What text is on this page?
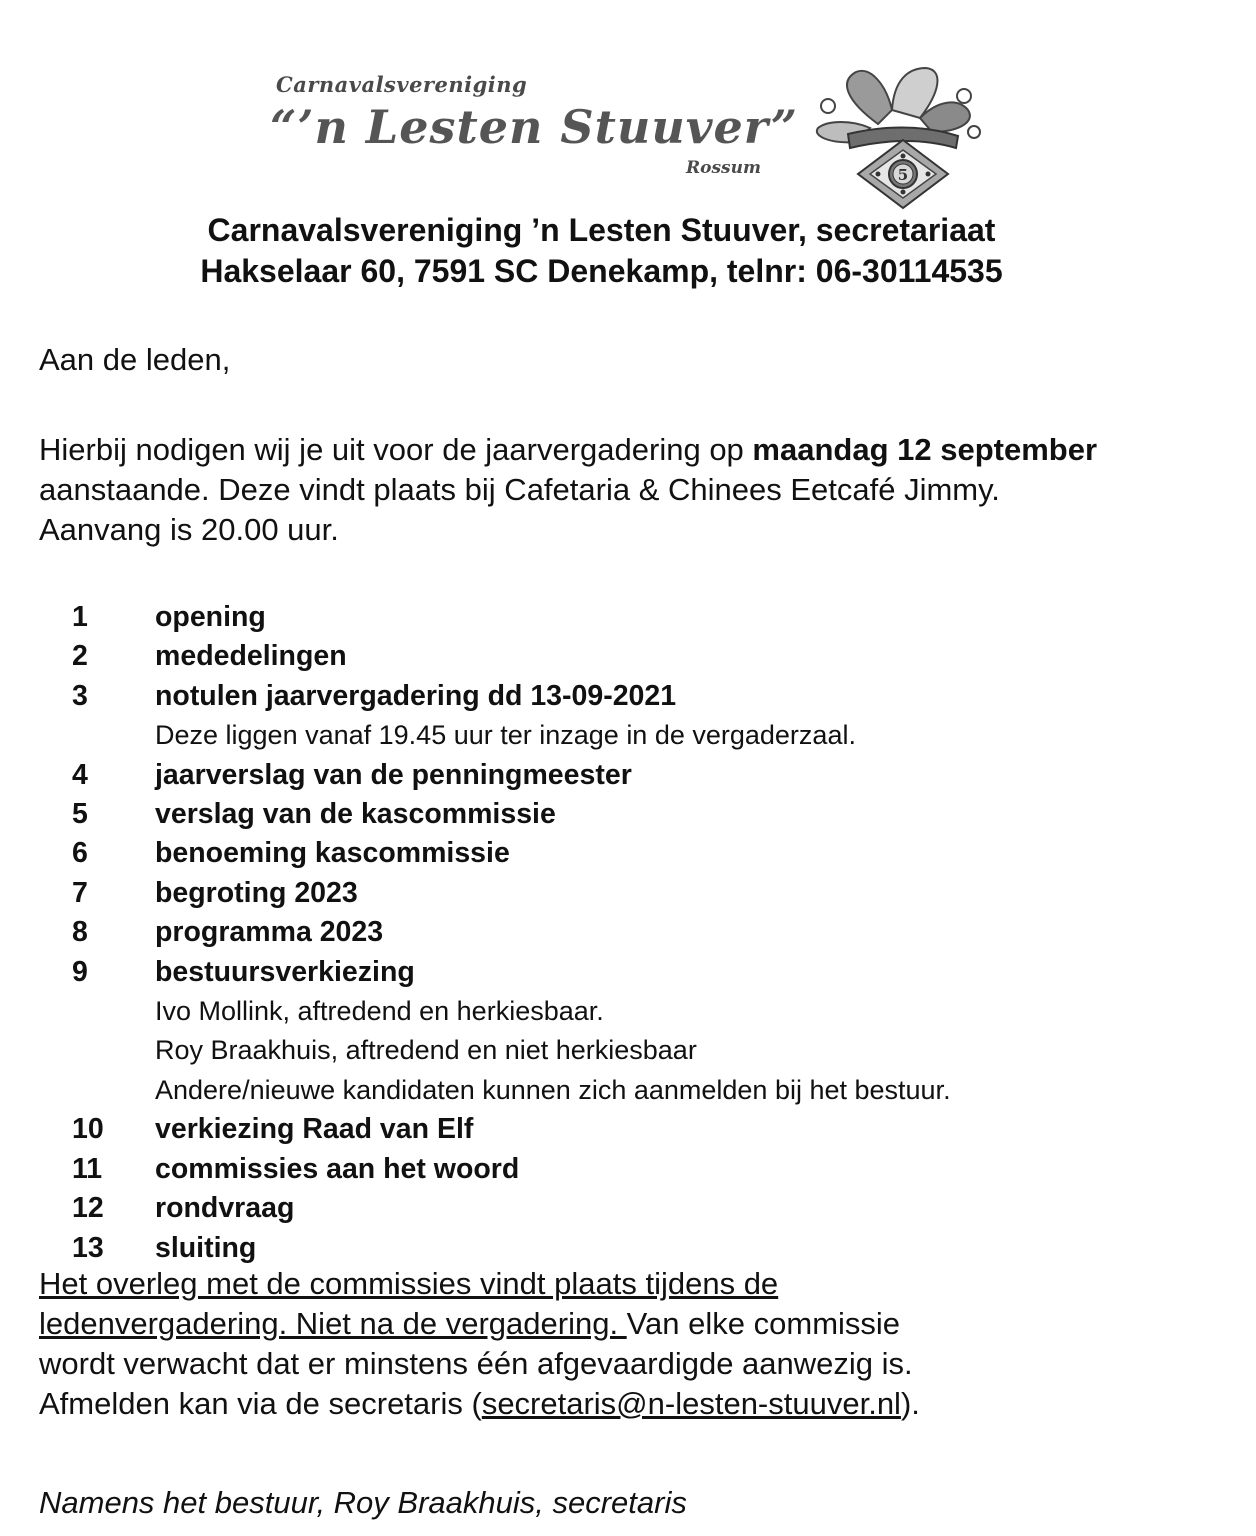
Carnavalsvereniging
“’n Lesten Stuuver”
Rossum	5
Carnavalsvereniging ’n Lesten Stuuver, secretariaat
Hakselaar 60, 7591 SC Denekamp, telnr: 06-30114535
Aan de leden,
Hierbij nodigen wij je uit voor de jaarvergadering op maandag 12 september
aanstaande. Deze vindt plaats bij Cafetaria & Chinees Eetcafé Jimmy.
Aanvang is 20.00 uur.
1	opening
2	mededelingen
3	notulen jaarvergadering dd 13-09-2021
Deze liggen vanaf 19.45 uur ter inzage in de vergaderzaal.
4	jaarverslag van de penningmeester
5	verslag van de kascommissie
6	benoeming kascommissie
7	begroting 2023
8	programma 2023
9	bestuursverkiezing
Ivo Mollink, aftredend en herkiesbaar.
Roy Braakhuis, aftredend en niet herkiesbaar
Andere/nieuwe kandidaten kunnen zich aanmelden bij het bestuur.
10 verkiezing Raad van Elf
11	commissies aan het woord
12 rondvraag
13 sluiting
Het overleg met de commissies vindt plaats tijdens de
ledenvergadering. Niet na de vergadering. Van elke commissie
wordt verwacht dat er minstens één afgevaardigde aanwezig is.
Afmelden kan via de secretaris (secretaris@n-lesten-stuuver.nl).
Namens het bestuur, Roy Braakhuis, secretaris
